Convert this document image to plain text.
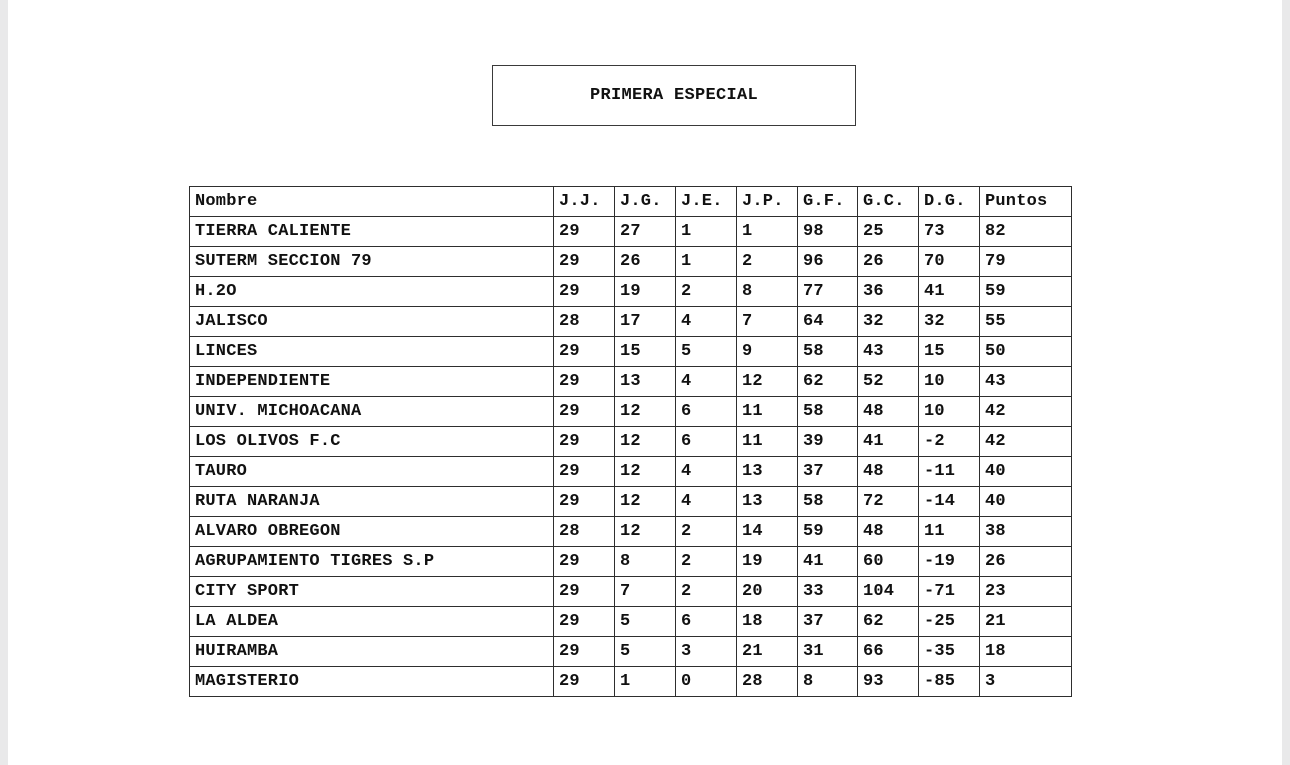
PRIMERA ESPECIAL
Nombre	J.J.	J.G.	J.E.	J.P.	G.F.	G.C.	D.G.	Puntos
TIERRA CALIENTE	29	27	1	1	98	25	73	82
SUTERM SECCION 79	29	26	1	2	96	26	70	79
H.2O	29	19	2	8	77	36	41	59
JALISCO	28	17	4	7	64	32	32	55
LINCES	29	15	5	9	58	43	15	50
INDEPENDIENTE	29	13	4	12	62	52	10	43
UNIV. MICHOACANA	29	12	6	11	58	48	10	42
LOS OLIVOS F.C	29	12	6	11	39	41	-2	42
TAURO	29	12	4	13	37	48	-11	40
RUTA NARANJA	29	12	4	13	58	72	-14	40
ALVARO OBREGON	28	12	2	14	59	48	11	38
AGRUPAMIENTO TIGRES S.P	29	8	2	19	41	60	-19	26
CITY SPORT	29	7	2	20	33	104	-71	23
LA ALDEA	29	5	6	18	37	62	-25	21
HUIRAMBA	29	5	3	21	31	66	-35	18
MAGISTERIO	29	1	0	28	8	93	-85	3
